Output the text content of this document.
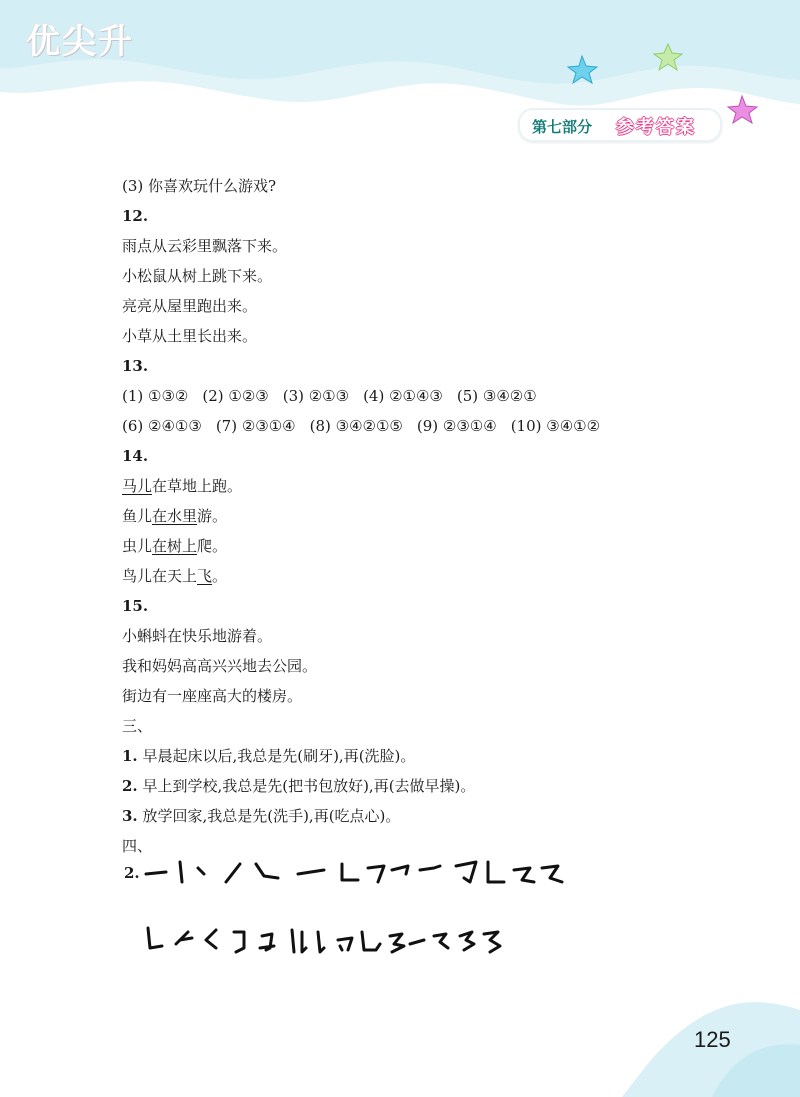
优尖升
第七部分 参考答案
(3) 你喜欢玩什么游戏?
12.
雨点从云彩里飘落下来。
小松鼠从树上跳下来。
亮亮从屋里跑出来。
小草从土里长出来。
13.
(1) ①③② (2) ①②③ (3) ②①③ (4) ②①④③ (5) ③④②①
(6) ②④①③ (7) ②③①④ (8) ③④②①⑤ (9) ②③①④ (10) ③④①②
14.
马儿在草地上跑。
鱼儿在水里游。
虫儿在树上爬。
鸟儿在天上飞。
15.
小蝌蚪在快乐地游着。
我和妈妈高高兴兴地去公园。
街边有一座座高大的楼房。
三、
1. 早晨起床以后,我总是先(刷牙),再(洗脸)。
2. 早上到学校,我总是先(把书包放好),再(去做早操)。
3. 放学回家,我总是先(洗手),再(吃点心)。
四、
2.
125
